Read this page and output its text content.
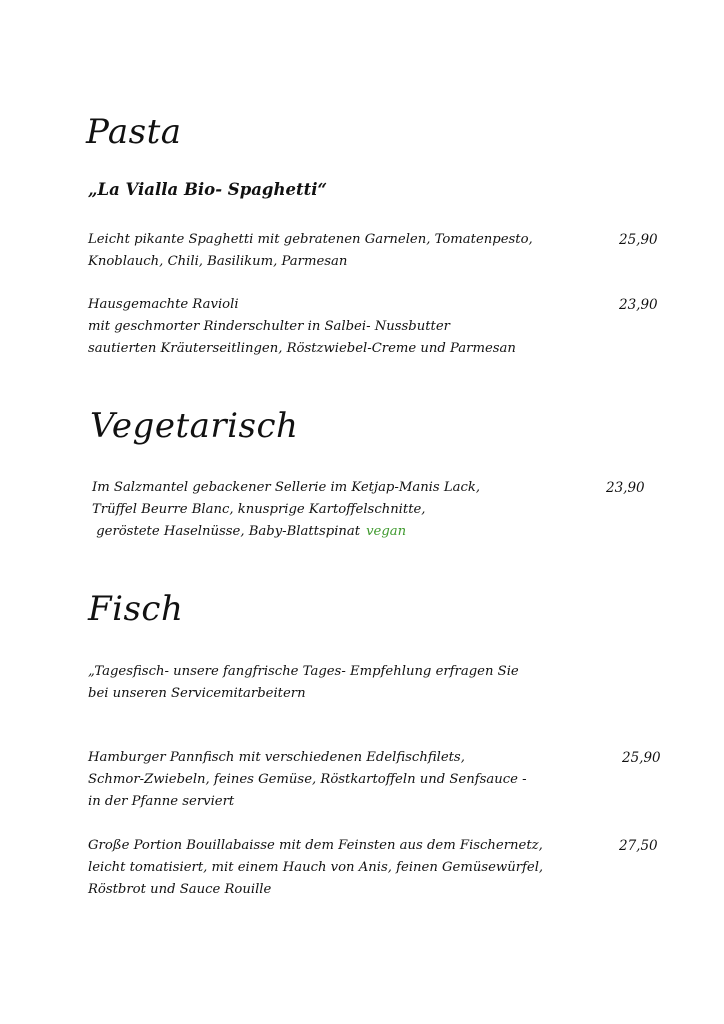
Pasta
„La Vialla Bio- Spaghetti“
Leicht pikante Spaghetti mit gebratenen Garnelen, Tomatenpesto,
Knoblauch, Chili, Basilikum, Parmesan
25,90
Hausgemachte Ravioli
mit geschmorter Rinderschulter in Salbei- Nussbutter
sautierten Kräuterseitlingen, Röstzwiebel-Creme und Parmesan
23,90
Vegetarisch
Im Salzmantel gebackener Sellerie im Ketjap-Manis Lack,
Trüffel Beurre Blanc, knusprige Kartoffelschnitte,
geröstete Haselnüsse, Baby-Blattspinat vegan
23,90
Fisch
„Tagesfisch- unsere fangfrische Tages- Empfehlung erfragen Sie
bei unseren Servicemitarbeitern
Hamburger Pannfisch mit verschiedenen Edelfischfilets,
Schmor-Zwiebeln, feines Gemüse, Röstkartoffeln und Senfsauce -
in der Pfanne serviert
25,90
Große Portion Bouillabaisse mit dem Feinsten aus dem Fischernetz,
leicht tomatisiert, mit einem Hauch von Anis, feinen Gemüsewürfel,
Röstbrot und Sauce Rouille
27,50
